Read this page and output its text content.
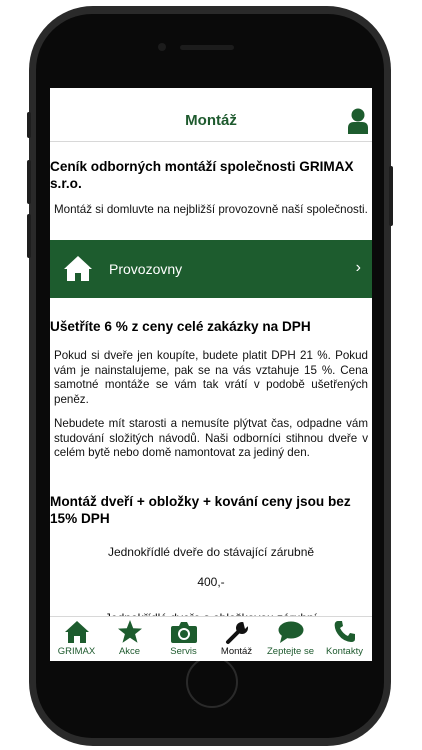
Montáž
Ceník odborných montáží společnosti GRIMAX s.r.o.
Montáž si domluvte na nejbližší provozovně naší společnosti.
Provozovny	›
Ušetříte 6 % z ceny celé zakázky na DPH
Pokud si dveře jen koupíte, budete platit DPH 21 %. Pokud vám je nainstalujeme, pak se na vás vztahuje 15 %. Cena samotné montáže se vám tak vrátí v podobě ušetřených peněz.
Nebudete mít starosti a nemusíte plýtvat čas, odpadne vám studování složitých návodů. Naši odborníci stihnou dveře v celém bytě nebo domě namontovat za jediný den.
Montáž dveří + obložky + kování ceny jsou bez 15% DPH
Jednokřídlé dveře do stávající zárubně
400,-
GRIMAX	Akce	Servis	Montáž	Zeptejte se	Kontakty
